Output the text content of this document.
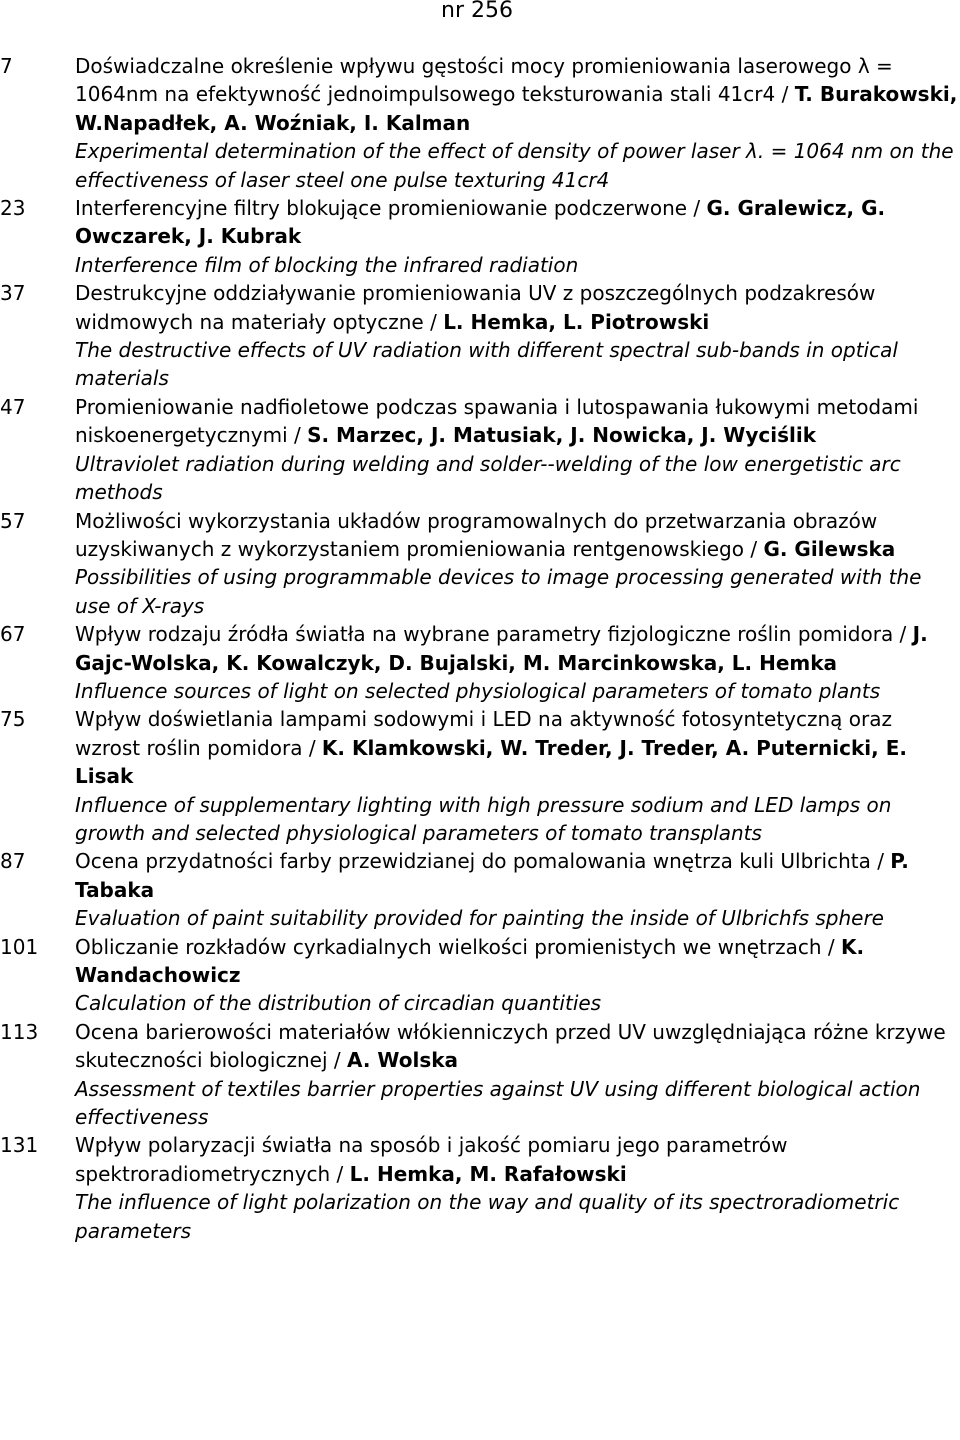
nr 256
7	Doświadczalne określenie wpływu gęstości mocy promieniowania laserowego λ = 1064nm na efektywność jednoimpulsowego teksturowania stali 41cr4 / T. Burakowski, W.Napadłek, A. Woźniak, I. Kalman
Experimental determination of the effect of density of power laser λ. = 1064 nm on the effectiveness of laser steel one pulse texturing 41cr4
23	Interferencyjne filtry blokujące promieniowanie podczerwone / G. Gralewicz, G. Owczarek, J. Kubrak
Interference film of blocking the infrared radiation
37	Destrukcyjne oddziaływanie promieniowania UV z poszczególnych podzakresów widmowych na materiały optyczne / L. Hemka, L. Piotrowski
The destructive effects of UV radiation with different spectral sub-bands in optical materials
47	Promieniowanie nadfioletowe podczas spawania i lutospawania łukowymi metodami niskoenergetycznymi / S. Marzec, J. Matusiak, J. Nowicka, J. Wyciślik
Ultraviolet radiation during welding and solder--welding of the low energetistic arc methods
57	Możliwości wykorzystania układów programowalnych do przetwarzania obrazów uzyskiwanych z wykorzystaniem promieniowania rentgenowskiego / G. Gilewska
Possibilities of using programmable devices to image processing generated with the use of X-rays
67	Wpływ rodzaju źródła światła na wybrane parametry fizjologiczne roślin pomidora / J. Gajc-Wolska, K. Kowalczyk, D. Bujalski, M. Marcinkowska, L. Hemka
Influence sources of light on selected physiological parameters of tomato plants
75	Wpływ doświetlania lampami sodowymi i LED na aktywność fotosyntetyczną oraz wzrost roślin pomidora / K. Klamkowski, W. Treder, J. Treder, A. Puternicki, E. Lisak
Influence of supplementary lighting with high pressure sodium and LED lamps on growth and selected physiological parameters of tomato transplants
87	Ocena przydatności farby przewidzianej do pomalowania wnętrza kuli Ulbrichta / P. Tabaka
Evaluation of paint suitability provided for painting the inside of Ulbrichfs sphere
101	Obliczanie rozkładów cyrkadialnych wielkości promienistych we wnętrzach / K. Wandachowicz
Calculation of the distribution of circadian quantities
113	Ocena barierowości materiałów włókienniczych przed UV uwzględniająca różne krzywe skuteczności biologicznej / A. Wolska
Assessment of textiles barrier properties against UV using different biological action effectiveness
131	Wpływ polaryzacji światła na sposób i jakość pomiaru jego parametrów spektroradiometrycznych / L. Hemka, M. Rafałowski
The influence of light polarization on the way and quality of its spectroradiometric parameters
